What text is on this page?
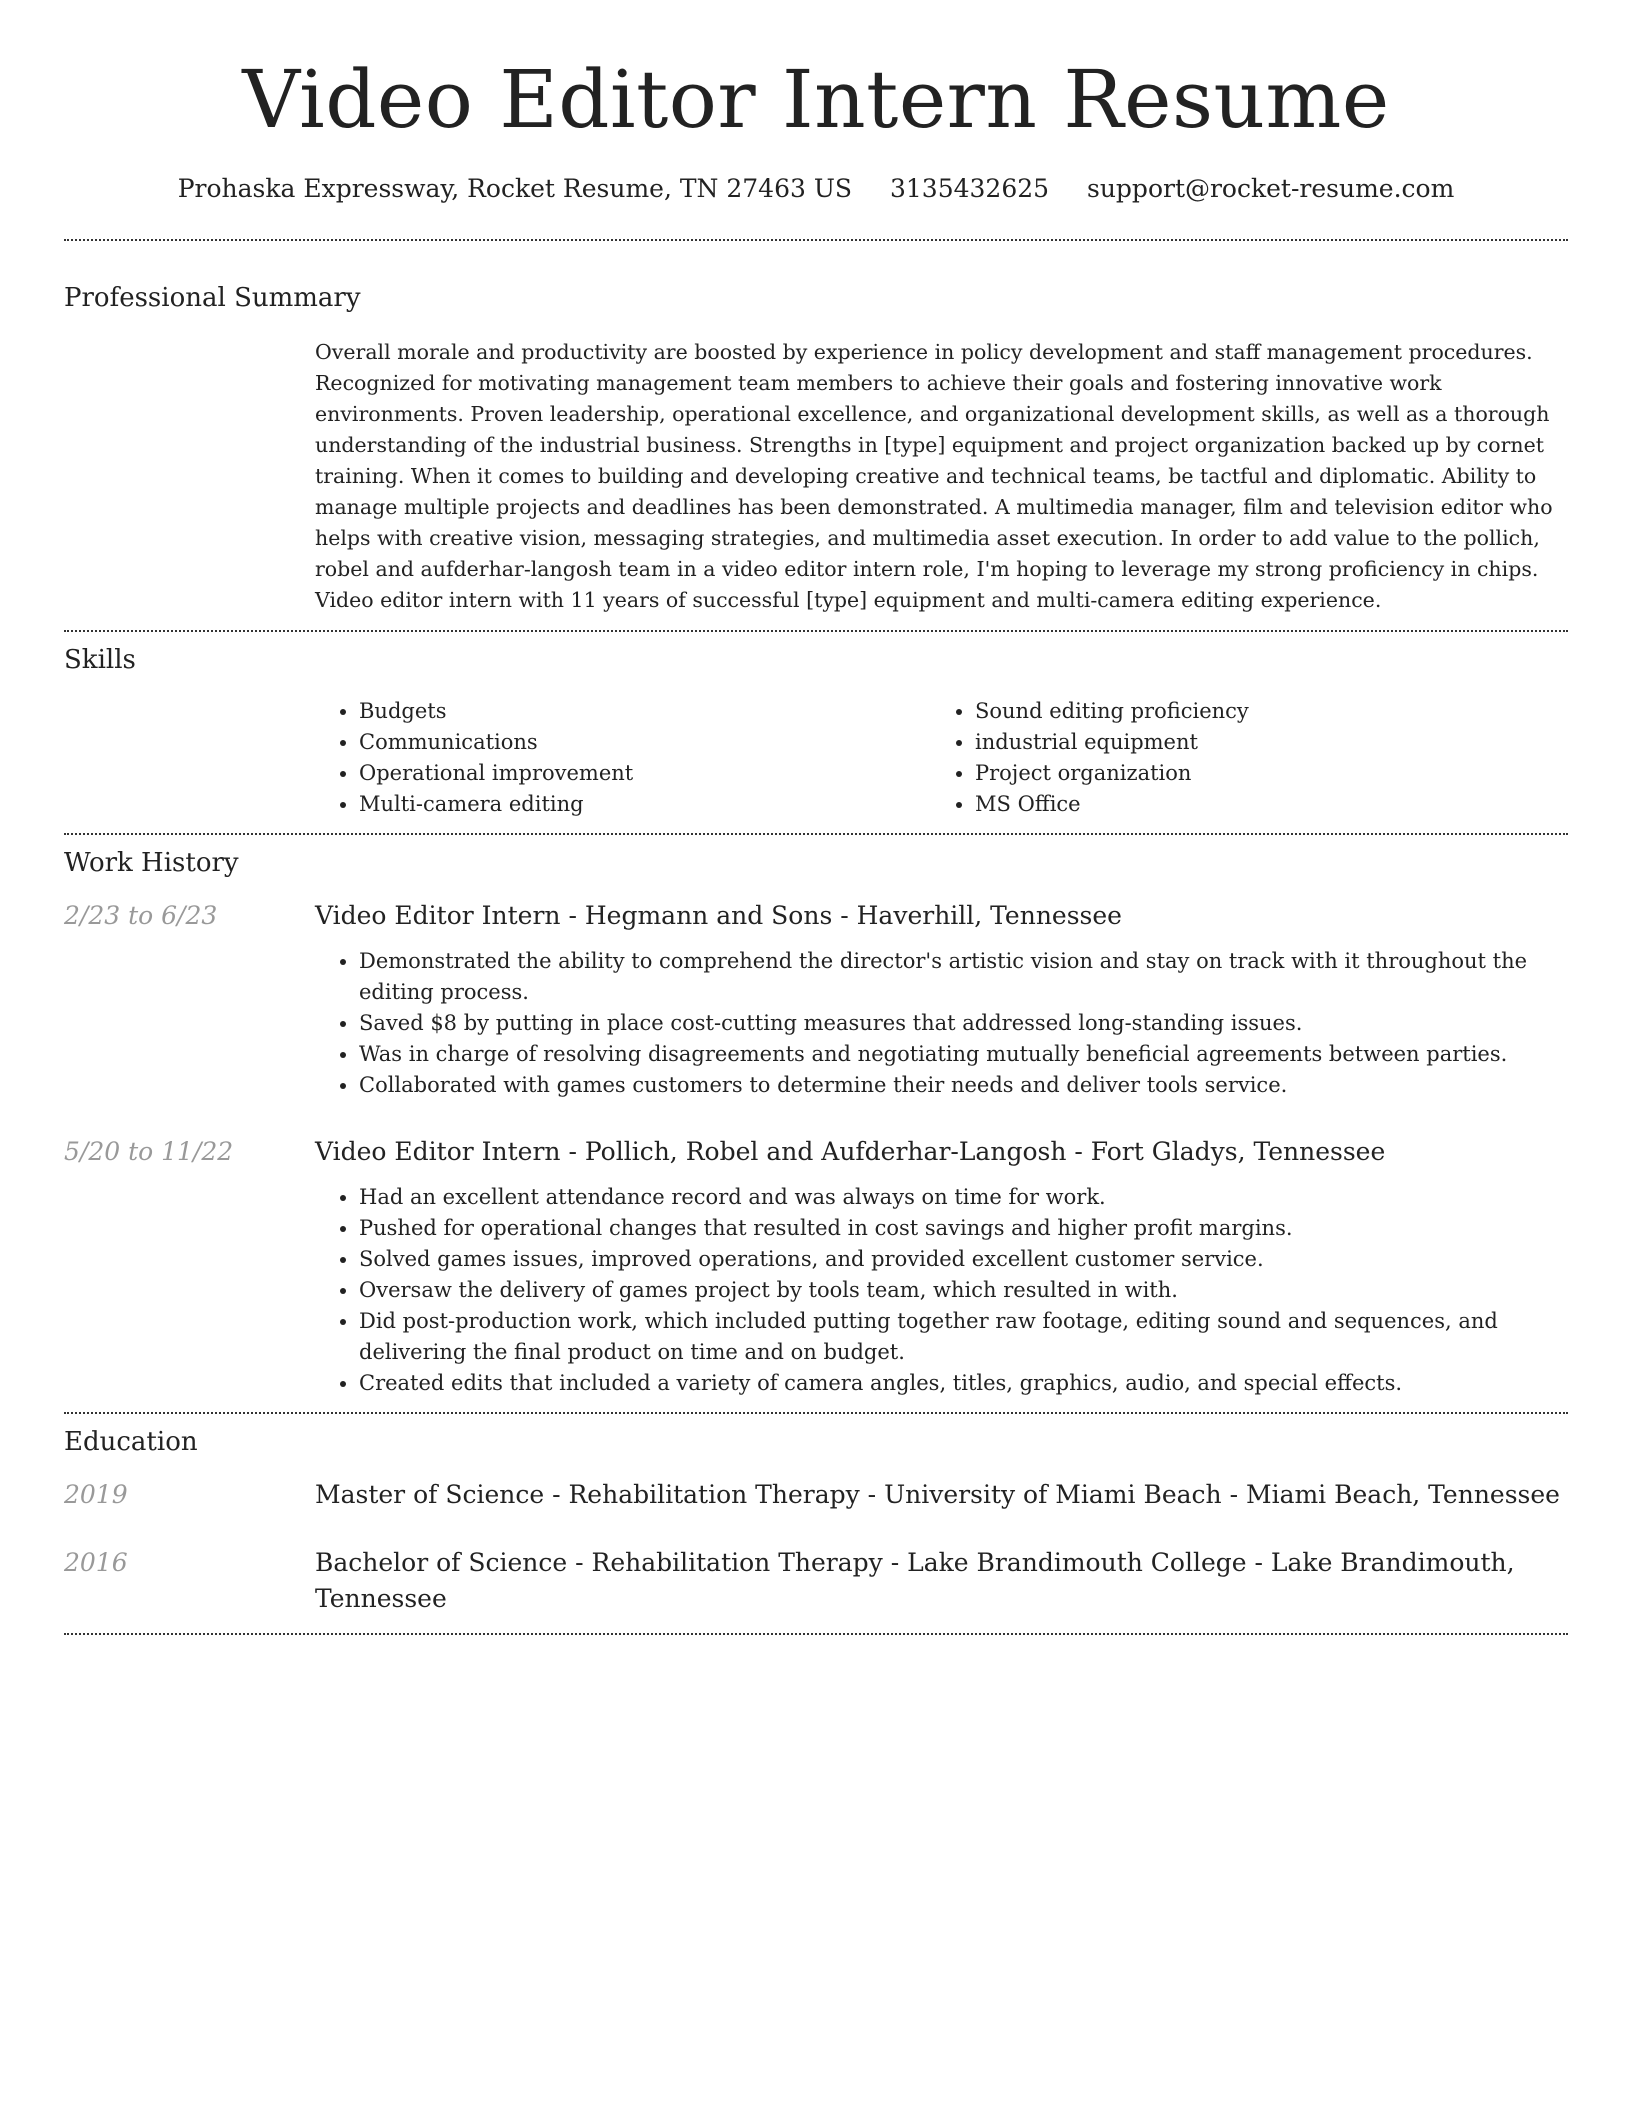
Video Editor Intern Resume
Prohaska Expressway, Rocket Resume, TN 27463 US 3135432625 support@rocket-resume.com
Professional Summary

Overall morale and productivity are boosted by experience in policy development and staff management procedures. Recognized for motivating management team members to achieve their goals and fostering innovative work environments. Proven leadership, operational excellence, and organizational development skills, as well as a thorough understanding of the industrial business. Strengths in [type] equipment and project organization backed up by cornet training. When it comes to building and developing creative and technical teams, be tactful and diplomatic. Ability to manage multiple projects and deadlines has been demonstrated. A multimedia manager, film and television editor who helps with creative vision, messaging strategies, and multimedia asset execution. In order to add value to the pollich, robel and aufderhar-langosh team in a video editor intern role, I'm hoping to leverage my strong proficiency in chips. Video editor intern with 11 years of successful [type] equipment and multi-camera editing experience.

Skills
• Budgets
• Communications
• Operational improvement
• Multi-camera editing
• Sound editing proficiency
• industrial equipment
• Project organization
• MS Office
Work History
2/23 to 6/23	Video Editor Intern - Hegmann and Sons - Haverhill, Tennessee
• Demonstrated the ability to comprehend the director's artistic vision and stay on track with it throughout the editing process.
• Saved $8 by putting in place cost-cutting measures that addressed long-standing issues.
• Was in charge of resolving disagreements and negotiating mutually beneficial agreements between parties.
• Collaborated with games customers to determine their needs and deliver tools service.
5/20 to 11/22	Video Editor Intern - Pollich, Robel and Aufderhar-Langosh - Fort Gladys, Tennessee
• Had an excellent attendance record and was always on time for work.
• Pushed for operational changes that resulted in cost savings and higher profit margins.
• Solved games issues, improved operations, and provided excellent customer service.
• Oversaw the delivery of games project by tools team, which resulted in with.
• Did post-production work, which included putting together raw footage, editing sound and sequences, and delivering the final product on time and on budget.
• Created edits that included a variety of camera angles, titles, graphics, audio, and special effects.
Education
2019	Master of Science - Rehabilitation Therapy - University of Miami Beach - Miami Beach, Tennessee
2016	Bachelor of Science - Rehabilitation Therapy - Lake Brandimouth College - Lake Brandimouth, Tennessee
